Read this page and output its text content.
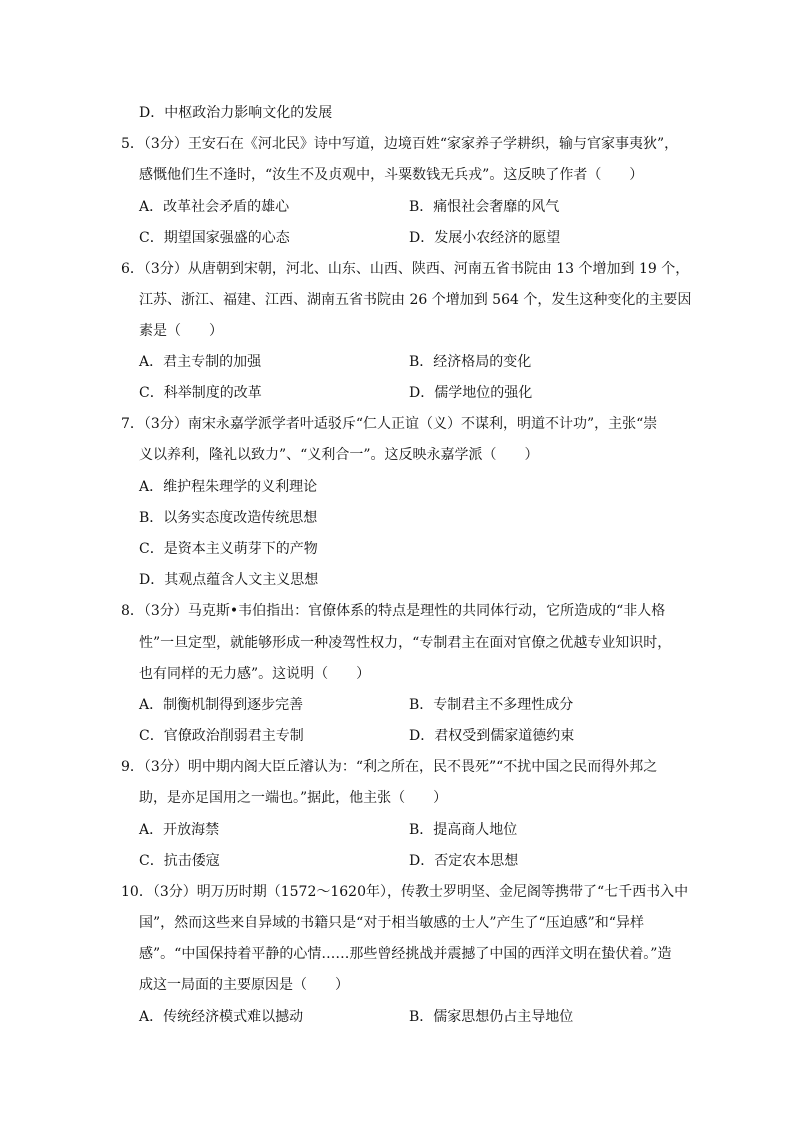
D．中枢政治力影响文化的发展
5．（3分）王安石在《河北民》诗中写道，边境百姓“家家养子学耕织，输与官家事夷狄”，
感慨他们生不逢时，“汝生不及贞观中，斗粟数钱无兵戎”。这反映了作者（　　）
A．改革社会矛盾的雄心	B．痛恨社会奢靡的风气
C．期望国家强盛的心态	D．发展小农经济的愿望
6．（3分）从唐朝到宋朝，河北、山东、山西、陕西、河南五省书院由 13 个增加到 19 个，
江苏、浙江、福建、江西、湖南五省书院由 26 个增加到 564 个，发生这种变化的主要因
素是（　　）
A．君主专制的加强	B．经济格局的变化
C．科举制度的改革	D．儒学地位的强化
7．（3分）南宋永嘉学派学者叶适驳斥“仁人正谊（义）不谋利，明道不计功”，主张“崇
义以养利，隆礼以致力”、“义利合一”。这反映永嘉学派（　　）
A．维护程朱理学的义利理论
B．以务实态度改造传统思想
C．是资本主义萌芽下的产物
D．其观点蕴含人文主义思想
8．（3分）马克斯•韦伯指出：官僚体系的特点是理性的共同体行动，它所造成的“非人格
性”一旦定型，就能够形成一种凌驾性权力，“专制君主在面对官僚之优越专业知识时，
也有同样的无力感”。这说明（　　）
A．制衡机制得到逐步完善	B．专制君主不多理性成分
C．官僚政治削弱君主专制	D．君权受到儒家道德约束
9．（3分）明中期内阁大臣丘濬认为：“利之所在，民不畏死”“不扰中国之民而得外邦之
助，是亦足国用之一端也。”据此，他主张（　　）
A．开放海禁	B．提高商人地位
C．抗击倭寇	D．否定农本思想
10．（3分）明万历时期（1572～1620年），传教士罗明坚、金尼阁等携带了“七千西书入中
国”，然而这些来自异域的书籍只是“对于相当敏感的士人”产生了“压迫感”和“异样
感”。“中国保持着平静的心情……那些曾经挑战并震撼了中国的西洋文明在蛰伏着。”造
成这一局面的主要原因是（　　）
A．传统经济模式难以撼动	B．儒家思想仍占主导地位
